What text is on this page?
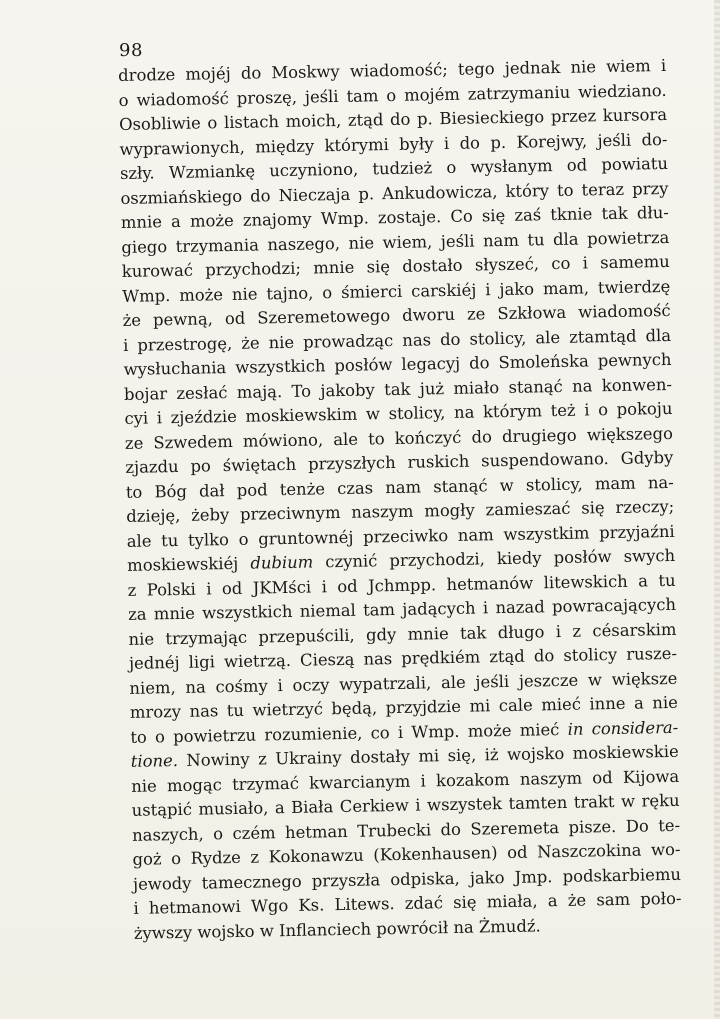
98
drodze mojéj do Moskwy wiadomość; tego jednak nie wiem i
o wiadomość proszę, jeśli tam o mojém zatrzymaniu wiedziano.
Osobliwie o listach moich, ztąd do p. Biesieckiego przez kursora
wyprawionych, między którymi były i do p. Korejwy, jeśli do-
szły. Wzmiankę uczyniono, tudzież o wysłanym od powiatu
oszmiańskiego do Nieczaja p. Ankudowicza, który to teraz przy
mnie a może znajomy Wmp. zostaje. Co się zaś tknie tak dłu-
giego trzymania naszego, nie wiem, jeśli nam tu dla powietrza
kurować przychodzi; mnie się dostało słyszeć, co i samemu
Wmp. może nie tajno, o śmierci carskiéj i jako mam, twierdzę
że pewną, od Szeremetowego dworu ze Szkłowa wiadomość
i przestrogę, że nie prowadząc nas do stolicy, ale ztamtąd dla
wysłuchania wszystkich posłów legacyj do Smoleńska pewnych
bojar zesłać mają. To jakoby tak już miało stanąć na konwen-
cyi i zjeździe moskiewskim w stolicy, na którym też i o pokoju
ze Szwedem mówiono, ale to kończyć do drugiego większego
zjazdu po świętach przyszłych ruskich suspendowano. Gdyby
to Bóg dał pod tenże czas nam stanąć w stolicy, mam na-
dzieję, żeby przeciwnym naszym mogły zamieszać się rzeczy;
ale tu tylko o gruntownéj przeciwko nam wszystkim przyjaźni
moskiewskiéj dubium czynić przychodzi, kiedy posłów swych
z Polski i od JKMści i od Jchmpp. hetmanów litewskich a tu
za mnie wszystkich niemal tam jadących i nazad powracających
nie trzymając przepuścili, gdy mnie tak długo i z césarskim
jednéj ligi wietrzą. Cieszą nas prędkiém ztąd do stolicy rusze-
niem, na cośmy i oczy wypatrzali, ale jeśli jeszcze w większe
mrozy nas tu wietrzyć będą, przyjdzie mi cale mieć inne a nie
to o powietrzu rozumienie, co i Wmp. może mieć in considera-
tione. Nowiny z Ukrainy dostały mi się, iż wojsko moskiewskie
nie mogąc trzymać kwarcianym i kozakom naszym od Kijowa
ustąpić musiało, a Biała Cerkiew i wszystek tamten trakt w ręku
naszych, o czém hetman Trubecki do Szeremeta pisze. Do te-
goż o Rydze z Kokonawzu (Kokenhausen) od Naszczokina wo-
jewody tamecznego przyszła odpiska, jako Jmp. podskarbiemu
i hetmanowi Wgo Ks. Litews. zdać się miała, a że sam poło-
żywszy wojsko w Inflanciech powrócił na Żmudź.
